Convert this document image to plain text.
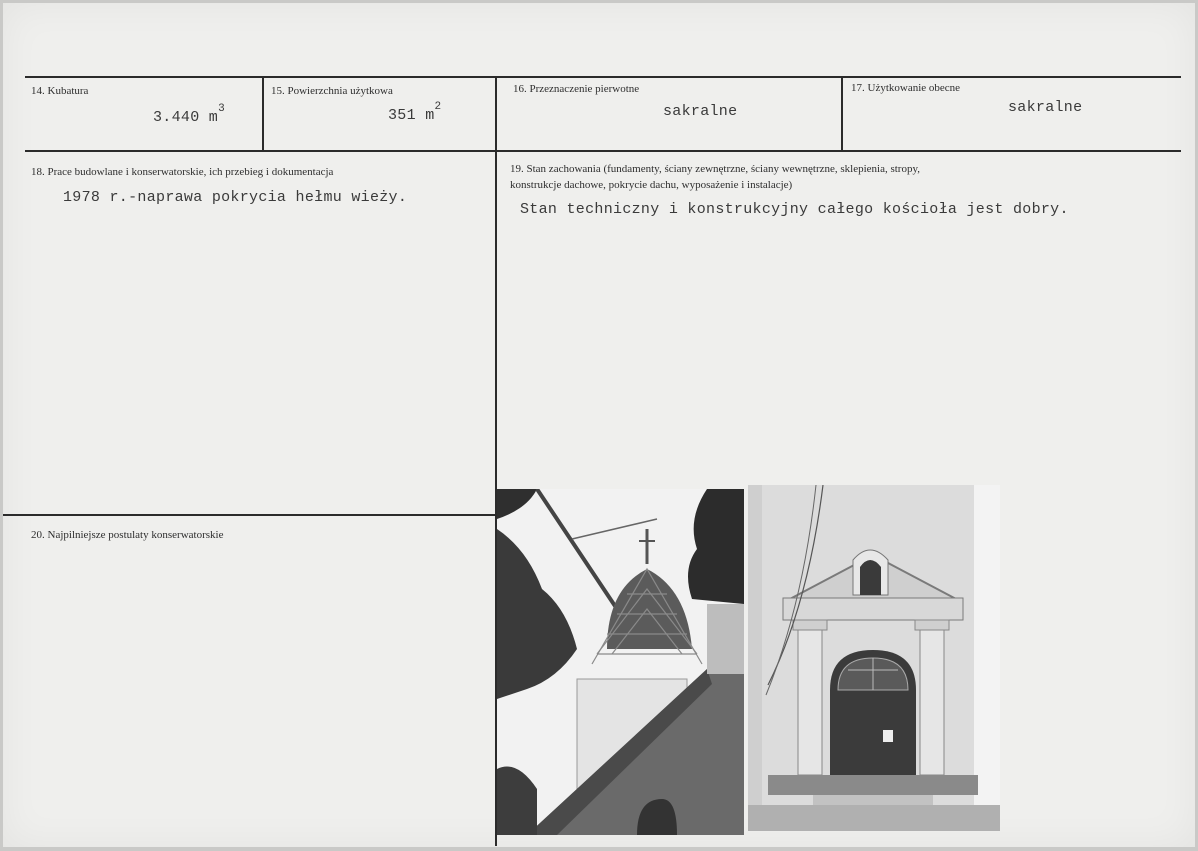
14. Kubatura
3.440 $m^3$
15. Powierzchnia użytkowa
351 $m^2$
16. Przeznaczenie pierwotne
sakralne
17. Użytkowanie obecne
sakralne
18. Prace budowlane i konserwatorskie, ich przebieg i dokumentacja
1978 r.-naprawa pokrycia hełmu wieży.
19. Stan zachowania (fundamenty, ściany zewnętrzne, ściany wewnętrzne, sklepienia, stropy,
konstrukcje dachowe, pokrycie dachu, wyposażenie i instalacje)
Stan techniczny i konstrukcyjny całego kościoła jest dobry.
20. Najpilniejsze postulaty konserwatorskie
